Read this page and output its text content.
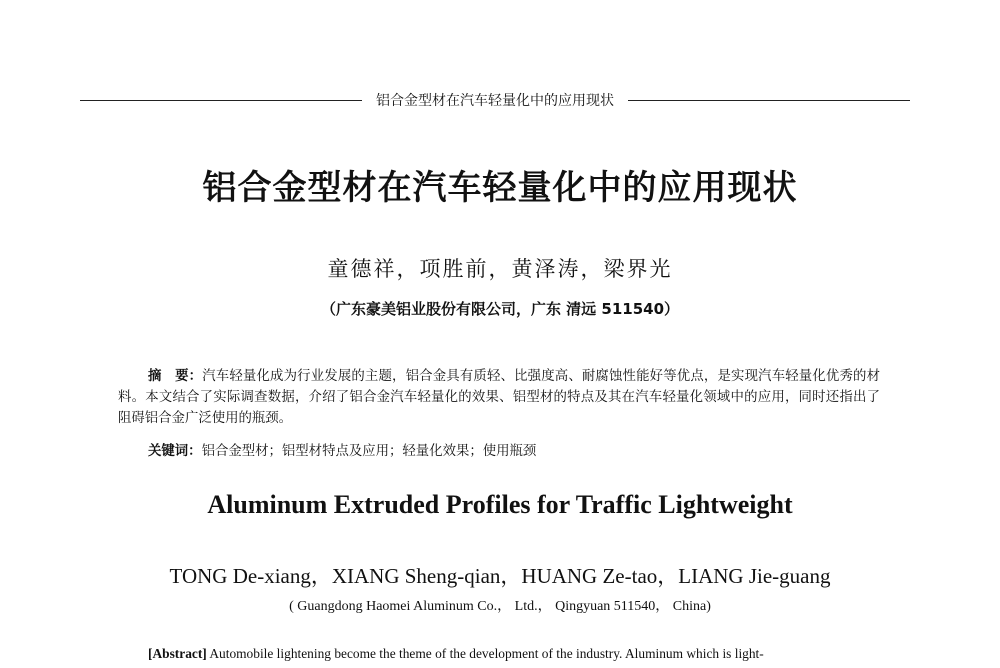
铝合金型材在汽车轻量化中的应用现状
铝合金型材在汽车轻量化中的应用现状
童德祥，项胜前，黄泽涛，梁界光
（广东豪美铝业股份有限公司，广东 清远 511540）
摘　要：汽车轻量化成为行业发展的主题，铝合金具有质轻、比强度高、耐腐蚀性能好等优点，是实现汽车轻量化优秀的材料。本文结合了实际调查数据，介绍了铝合金汽车轻量化的效果、铝型材的特点及其在汽车轻量化领域中的应用，同时还指出了阻碍铝合金广泛使用的瓶颈。
关键词：铝合金型材；铝型材特点及应用；轻量化效果；使用瓶颈
Aluminum Extruded Profiles for Traffic Lightweight
TONG De-xiang，XIANG Sheng-qian，HUANG Ze-tao，LIANG Jie-guang
( Guangdong Haomei Aluminum Co.， Ltd.， Qingyuan 511540， China)
[Abstract] Automobile lightening become the theme of the development of the industry. Aluminum which is light-
